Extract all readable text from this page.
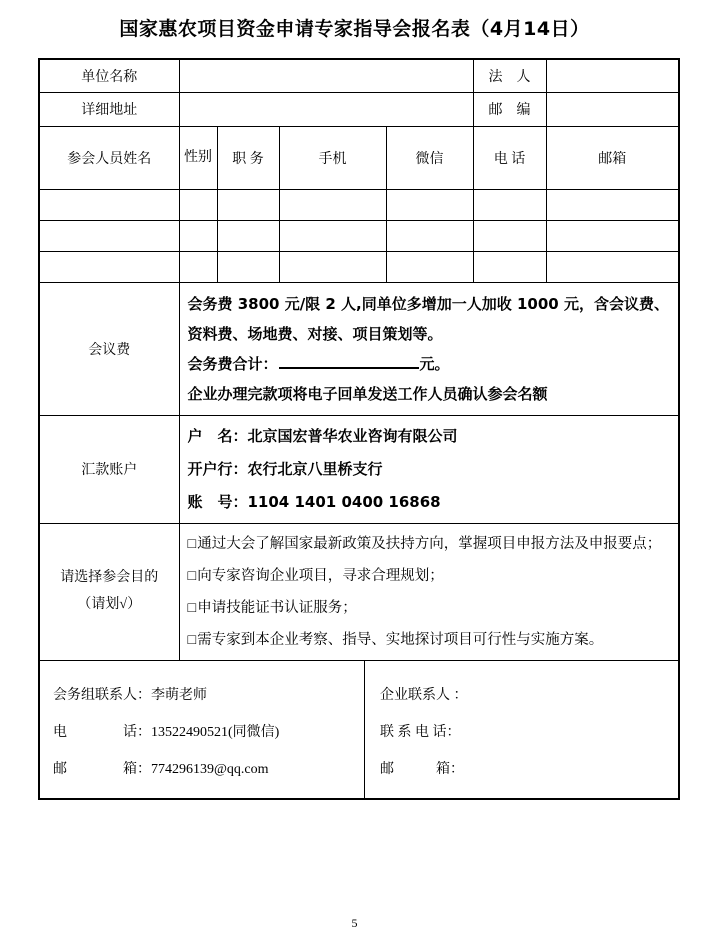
国家惠农项目资金申请专家指导会报名表（4月14日）
单位名称					法　人	
详细地址					邮　编	
参会人员姓名	性别	职 务	手机	微信	电 话	邮箱

会议费	会务费 3800 元/限 2 人,同单位多增加一人加收 1000 元，含会议费、资料费、场地费、对接、项目策划等。

会务费合计： 元。

企业办理完款项将电子回单发送工作人员确认参会名额					

汇款账户	户　名：北京国宏普华农业咨询有限公司

开户行：农行北京八里桥支行

账　号：1104 1401 0400 16868					

请选择参会目的（请划√）	□通过大会了解国家最新政策及扶持方向，掌握项目申报方法及申报要点；
□向专家咨询企业项目，寻求合理规划；
□申请技能证书认证服务；
□需专家到本企业考察、指导、实地探讨项目可行性与实施方案。					

会务组联系人：李萌老师

电　　　　话：13522490521(同微信)

邮　　　　箱：774296139@qq.com

企业联系人 ：

联 系 电 话：

邮　　　箱：

5
